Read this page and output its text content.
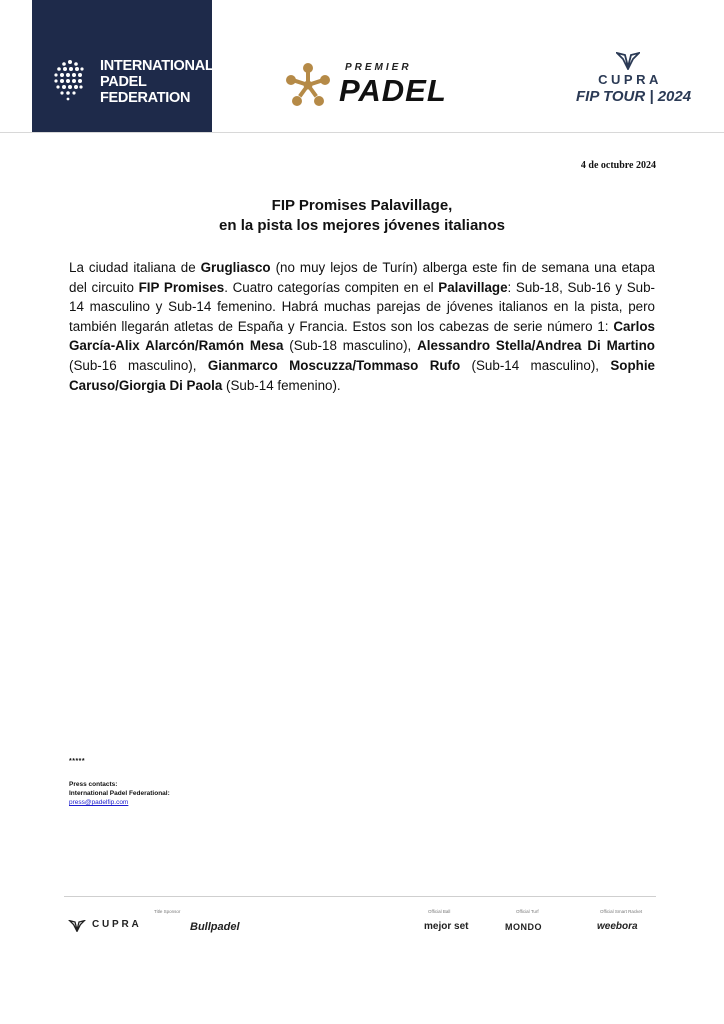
INTERNATIONAL
PADEL
FEDERATION
PREMIER
PADEL	CUPRA
FIP TOUR | 2024
4 de octubre 2024
FIP Promises Palavillage,
en la pista los mejores jóvenes italianos
La ciudad italiana de Grugliasco (no muy lejos de Turín) alberga este fin de semana una etapa del circuito FIP Promises. Cuatro categorías compiten en el Palavillage: Sub-18, Sub-16 y Sub-14 masculino y Sub-14 femenino. Habrá muchas parejas de jóvenes italianos en la pista, pero también llegarán atletas de España y Francia. Estos son los cabezas de serie número 1: Carlos García-Alix Alarcón/Ramón Mesa (Sub-18 masculino), Alessandro Stella/Andrea Di Martino (Sub-16 masculino), Gianmarco Moscuzza/Tommaso Rufo (Sub-14 masculino), Sophie Caruso/Giorgia Di Paola (Sub-14 femenino).
*****
Press contacts:
International Padel Federational:
press@padelfip.com
Title Sponsor	Official Ball	Official Turf	Official Smart Racket
CUPRA	Bullpadel	mejor set	MONDO	weebora
